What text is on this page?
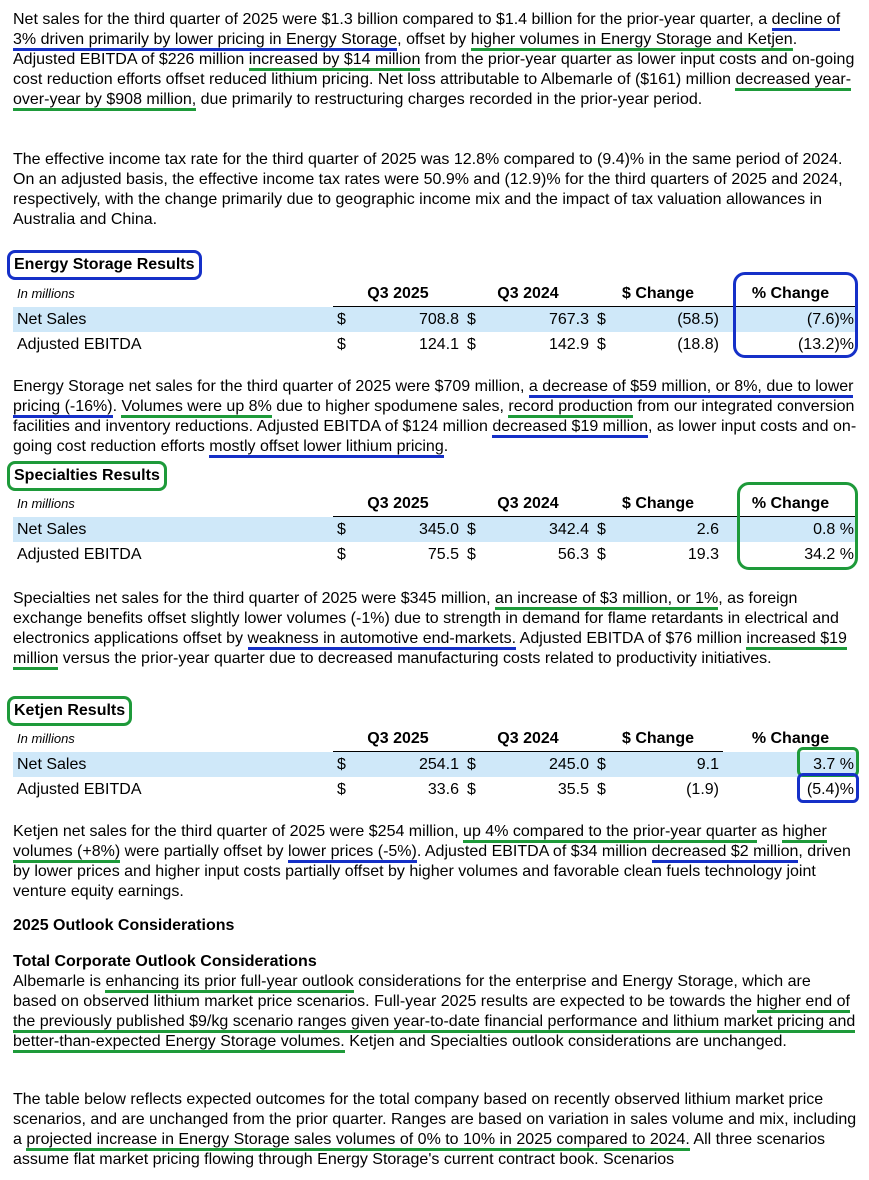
Net sales for the third quarter of 2025 were $1.3 billion compared to $1.4 billion for the prior-year quarter, a decline of 3% driven primarily by lower pricing in Energy Storage, offset by higher volumes in Energy Storage and Ketjen. Adjusted EBITDA of $226 million increased by $14 million from the prior-year quarter as lower input costs and on-going cost reduction efforts offset reduced lithium pricing. Net loss attributable to Albemarle of ($161) million decreased year-over-year by $908 million, due primarily to restructuring charges recorded in the prior-year period.

The effective income tax rate for the third quarter of 2025 was 12.8% compared to (9.4)% in the same period of 2024. On an adjusted basis, the effective income tax rates were 50.9% and (12.9)% for the third quarters of 2025 and 2024, respectively, with the change primarily due to geographic income mix and the impact of tax valuation allowances in Australia and China.

Energy Storage Results
In millions	Q3 2025		Q3 2024		$ Change		% Change
Net Sales	$	708.8	$	767.3	$	(58.5)	(7.6)%
Adjusted EBITDA	$	124.1	$	142.9	$	(18.8)	(13.2)%

Energy Storage net sales for the third quarter of 2025 were $709 million, a decrease of $59 million, or 8%, due to lower pricing (-16%). Volumes were up 8% due to higher spodumene sales, record production from our integrated conversion facilities and inventory reductions. Adjusted EBITDA of $124 million decreased $19 million, as lower input costs and on-going cost reduction efforts mostly offset lower lithium pricing.

Specialties Results
In millions	Q3 2025		Q3 2024		$ Change		% Change
Net Sales	$	345.0	$	342.4	$	2.6	0.8 %
Adjusted EBITDA	$	75.5	$	56.3	$	19.3	34.2 %

Specialties net sales for the third quarter of 2025 were $345 million, an increase of $3 million, or 1%, as foreign exchange benefits offset slightly lower volumes (-1%) due to strength in demand for flame retardants in electrical and electronics applications offset by weakness in automotive end-markets. Adjusted EBITDA of $76 million increased $19 million versus the prior-year quarter due to decreased manufacturing costs related to productivity initiatives.

Ketjen Results
In millions	Q3 2025		Q3 2024		$ Change		% Change
Net Sales	$	254.1	$	245.0	$	9.1	3.7 %
Adjusted EBITDA	$	33.6	$	35.5	$	(1.9)	(5.4)%

Ketjen net sales for the third quarter of 2025 were $254 million, up 4% compared to the prior-year quarter as higher volumes (+8%) were partially offset by lower prices (-5%). Adjusted EBITDA of $34 million decreased $2 million, driven by lower prices and higher input costs partially offset by higher volumes and favorable clean fuels technology joint venture equity earnings.

2025 Outlook Considerations
Total Corporate Outlook Considerations

Albemarle is enhancing its prior full-year outlook considerations for the enterprise and Energy Storage, which are based on observed lithium market price scenarios. Full-year 2025 results are expected to be towards the higher end of the previously published $9/kg scenario ranges given year-to-date financial performance and lithium market pricing and better-than-expected Energy Storage volumes. Ketjen and Specialties outlook considerations are unchanged.

The table below reflects expected outcomes for the total company based on recently observed lithium market price scenarios, and are unchanged from the prior quarter. Ranges are based on variation in sales volume and mix, including a projected increase in Energy Storage sales volumes of 0% to 10% in 2025 compared to 2024. All three scenarios assume flat market pricing flowing through Energy Storage's current contract book. Scenarios
